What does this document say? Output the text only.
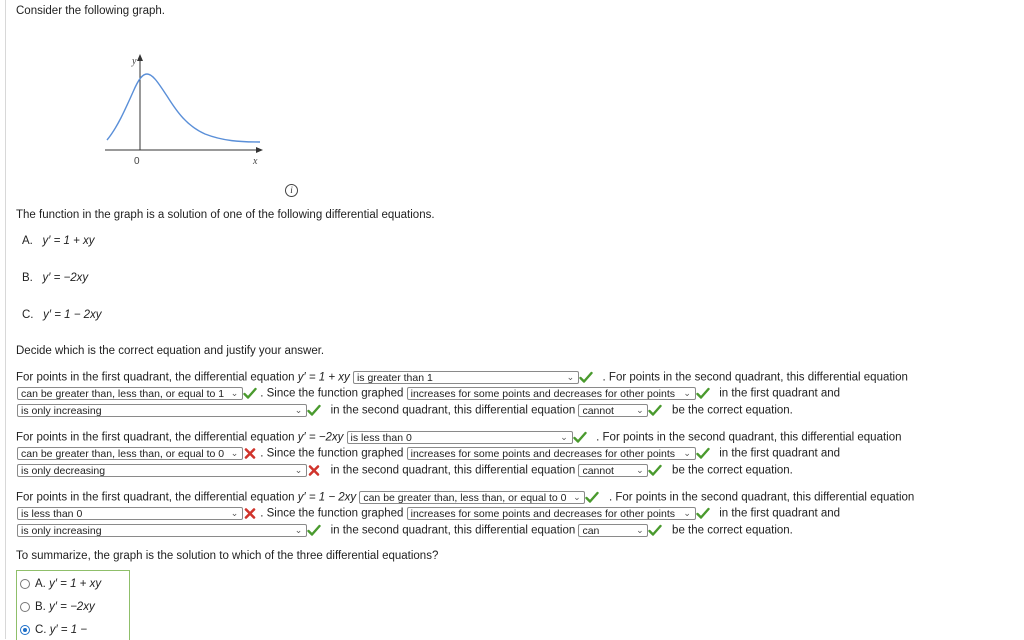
Consider the following graph.
y
0	x
i
The function in the graph is a solution of one of the following differential equations.
A. y′ = 1 + xy
B. y′ = −2xy
C. y′ = 1 − 2xy
Decide which is the correct equation and justify your answer.
For points in the first quadrant, the differential equation y′ = 1 + xy is greater than 1	⌄ . For points in the second quadrant, this differential equation
can be greater than, less than, or equal to 1 ⌄ . Since the function graphed increases for some points and decreases for other points ⌄ in the first quadrant and
is only increasing	⌄ in the second quadrant, this differential equation cannot ⌄ be the correct equation.
For points in the first quadrant, the differential equation y′ = −2xy is less than 0	⌄ . For points in the second quadrant, this differential equation
can be greater than, less than, or equal to 0 ⌄ . Since the function graphed increases for some points and decreases for other points ⌄ in the first quadrant and
is only decreasing	⌄ in the second quadrant, this differential equation cannot ⌄ be the correct equation.
For points in the first quadrant, the differential equation y′ = 1 − 2xy can be greater than, less than, or equal to 0 ⌄ . For points in the second quadrant, this differential equation
is less than 0	⌄ . Since the function graphed increases for some points and decreases for other points ⌄ in the first quadrant and
is only increasing	⌄ in the second quadrant, this differential equation can	⌄ be the correct equation.
To summarize, the graph is the solution to which of the three differential equations?
A. y′ = 1 + xy
B. y′ = −2xy
C. y′ = 1 −
